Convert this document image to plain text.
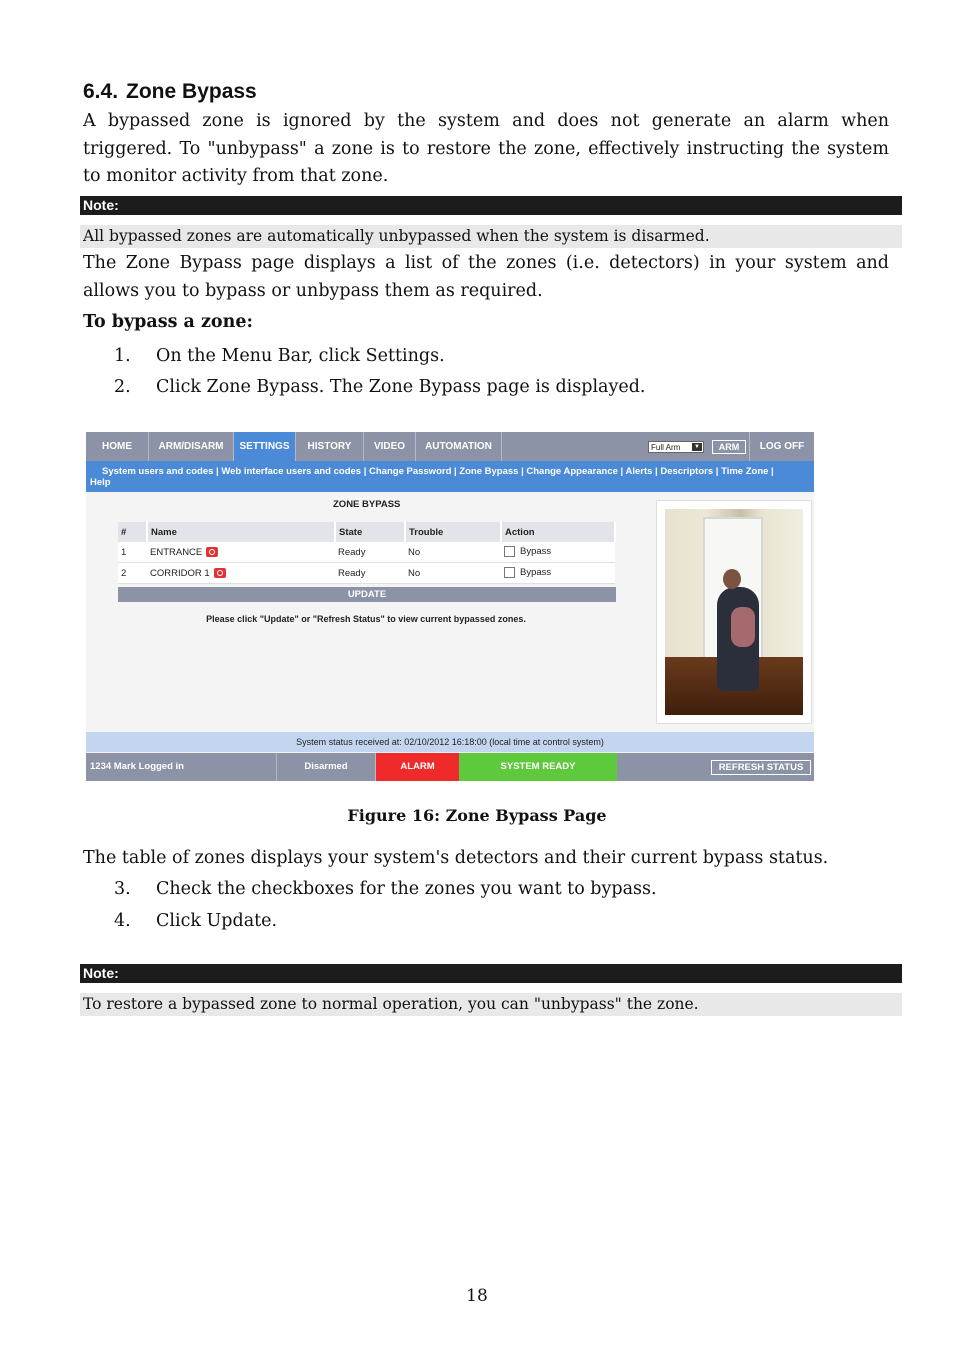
6.4. Zone Bypass
A bypassed zone is ignored by the system and does not generate an alarm when triggered. To "unbypass" a zone is to restore the zone, effectively instructing the system to monitor activity from that zone.
Note:
All bypassed zones are automatically unbypassed when the system is disarmed.
The Zone Bypass page displays a list of the zones (i.e. detectors) in your system and allows you to bypass or unbypass them as required.
To bypass a zone:
1. On the Menu Bar, click Settings.
2. Click Zone Bypass. The Zone Bypass page is displayed.
HOME	ARM/DISARM	SETTINGS	HISTORY	VIDEO	AUTOMATION	Full Arm	▼	ARM	LOG OFF
System users and codes | Web interface users and codes | Change Password | Zone Bypass | Change Appearance | Alerts | Descriptors | Time Zone |
Help
ZONE BYPASS
#	Name	State	Trouble	Action
1	ENTRANCE	Ready	No	Bypass
2	CORRIDOR 1	Ready	No	Bypass
UPDATE
Please click "Update" or "Refresh Status" to view current bypassed zones.
System status received at: 02/10/2012 16:18:00 (local time at control system)
1234 Mark Logged in	Disarmed	ALARM	SYSTEM READY	REFRESH STATUS
Figure 16: Zone Bypass Page
The table of zones displays your system's detectors and their current bypass status.
3. Check the checkboxes for the zones you want to bypass.
4. Click Update.
Note:
To restore a bypassed zone to normal operation, you can "unbypass" the zone.
18
